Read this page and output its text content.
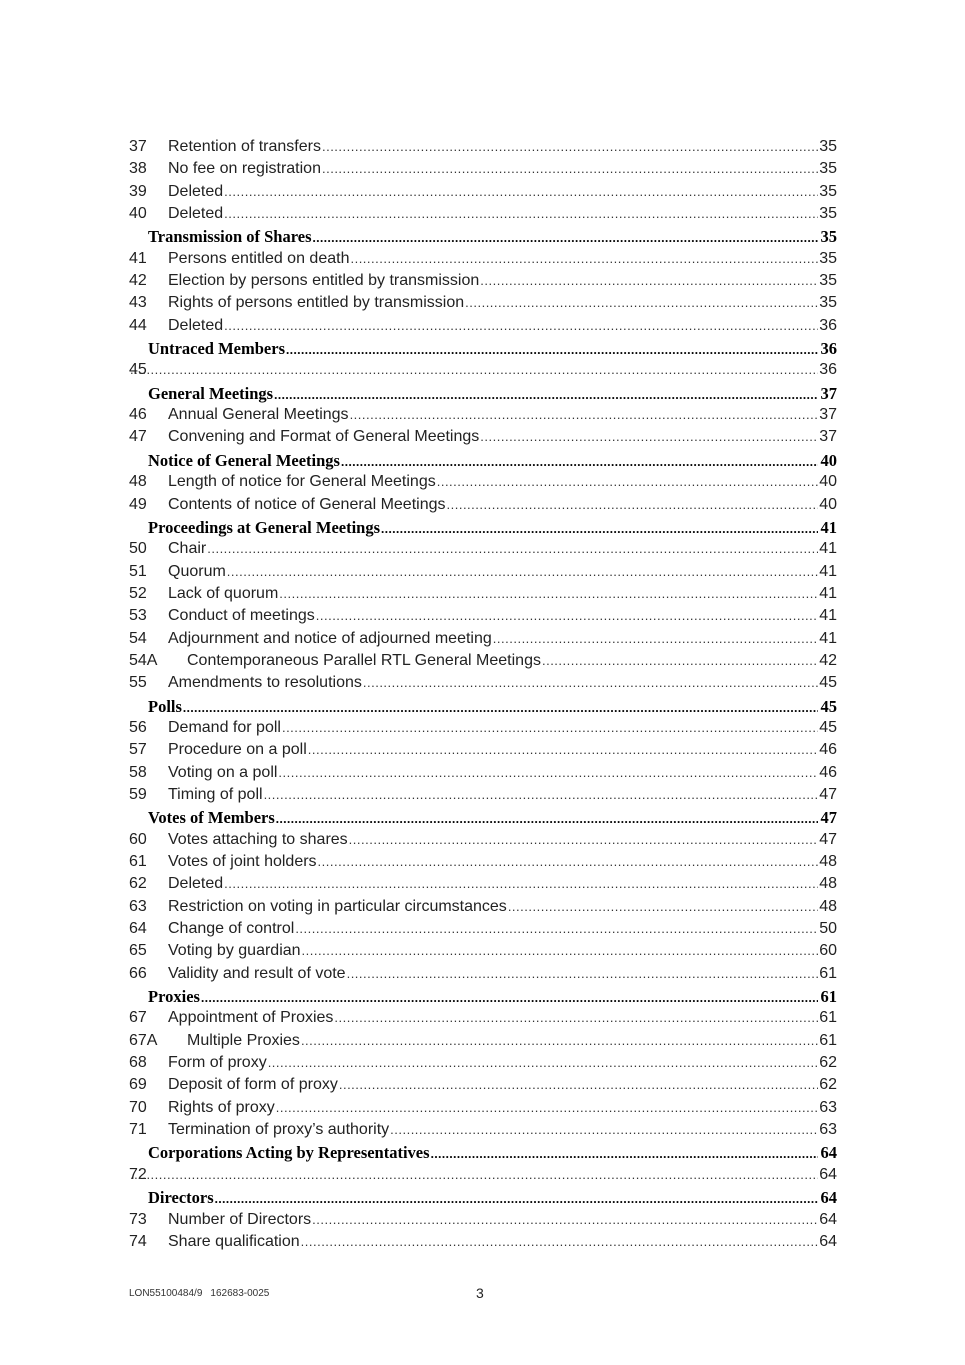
37	Retention of transfers .....	35
38	No fee on registration .....	35
39	Deleted .....	35
40	Deleted .....	35
Transmission of Shares .....	35
41	Persons entitled on death .....	35
42	Election by persons entitled by transmission .....	35
43	Rights of persons entitled by transmission .....	35
44	Deleted .....	36
Untraced Members .....	36
45 .....	36
General Meetings .....	37
46	Annual General Meetings .....	37
47	Convening and Format of General Meetings .....	37
Notice of General Meetings .....	40
48	Length of notice for General Meetings .....	40
49	Contents of notice of General Meetings .....	40
Proceedings at General Meetings .....	41
50	Chair .....	41
51	Quorum .....	41
52	Lack of quorum .....	41
53	Conduct of meetings .....	41
54	Adjournment and notice of adjourned meeting .....	41
54A	Contemporaneous Parallel RTL General Meetings .....	42
55	Amendments to resolutions .....	45
Polls .....	45
56	Demand for poll .....	45
57	Procedure on a poll .....	46
58	Voting on a poll .....	46
59	Timing of poll .....	47
Votes of Members .....	47
60	Votes attaching to shares .....	47
61	Votes of joint holders .....	48
62	Deleted .....	48
63	Restriction on voting in particular circumstances .....	48
64	Change of control .....	50
65	Voting by guardian .....	60
66	Validity and result of vote .....	61
Proxies .....	61
67	Appointment of Proxies .....	61
67A	Multiple Proxies .....	61
68	Form of proxy .....	62
69	Deposit of form of proxy .....	62
70	Rights of proxy .....	63
71	Termination of proxy’s authority .....	63
Corporations Acting by Representatives .....	64
72 .....	64
Directors .....	64
73	Number of Directors .....	64
74	Share qualification .....	64
LON55100484/9 162683-0025	3
